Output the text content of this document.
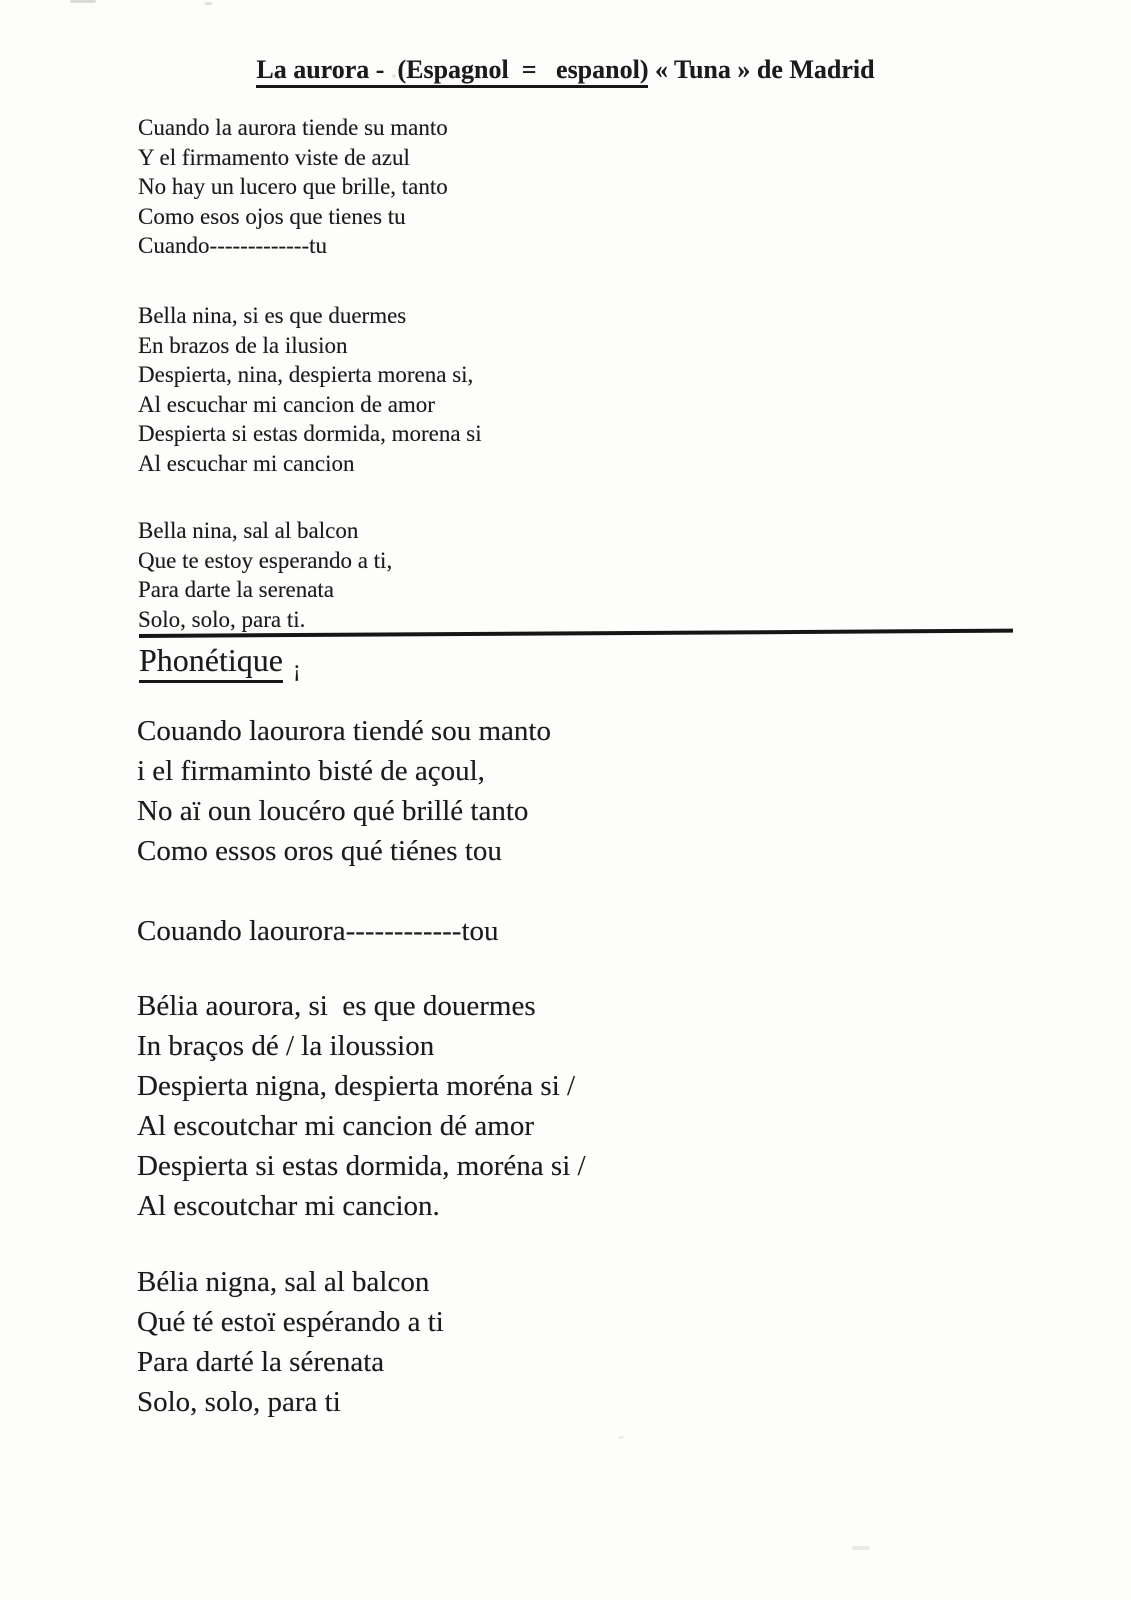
La aurora -  (Espagnol  =   espanol) « Tuna » de Madrid
Cuando la aurora tiende su manto
Y el firmamento viste de azul
No hay un lucero que brille, tanto
Como esos ojos que tienes tu
Cuando-------------tu
Bella nina, si es que duermes
En brazos de la ilusion
Despierta, nina, despierta morena si,
Al escuchar mi cancion de amor
Despierta si estas dormida, morena si
Al escuchar mi cancion
Bella nina, sal al balcon
Que te estoy esperando a ti,
Para darte la serenata
Solo, solo, para ti.
Phonétique ¡
Couando laourora tiendé sou manto
i el firmaminto bisté de açoul,
No aï oun loucéro qué brillé tanto
Como essos oros qué tiénes tou
Couando laourora------------tou
Bélia aourora, si  es que douermes
In braços dé / la iloussion
Despierta nigna, despierta moréna si /
Al escoutchar mi cancion dé amor
Despierta si estas dormida, moréna si /
Al escoutchar mi cancion.
Bélia nigna, sal al balcon
Qué té estoï espérando a ti
Para darté la sérenata
Solo, solo, para ti
